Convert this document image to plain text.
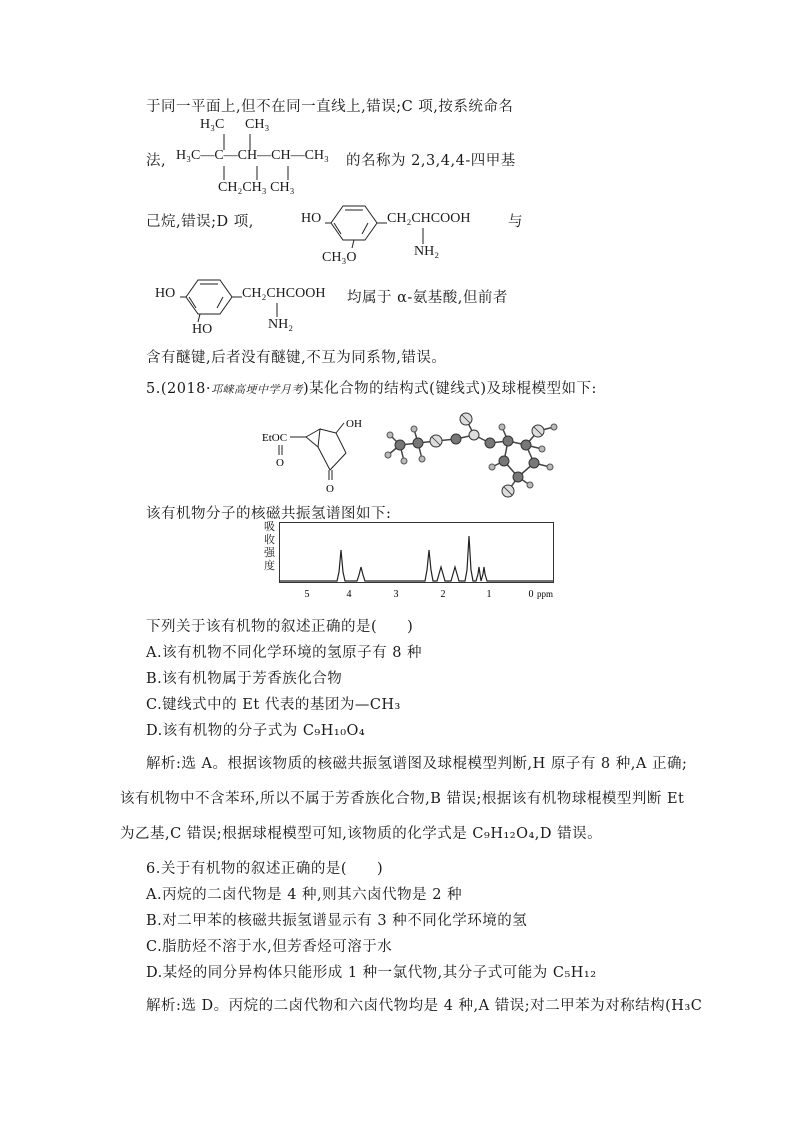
于同一平面上,但不在同一直线上,错误;C 项,按系统命名
H₃C CH₃
法, H₃C—C—CH—CH—CH₃
CH₂CH₃ CH₃
的名称为 2,3,4,4-四甲基
己烷,错误;D 项,	HO	CH₂CHCOOH
NH₂
CH₃O
与
HO	CH₂CHCOOH
NH₂
HO
均属于 α-氨基酸,但前者
含有醚键,后者没有醚键,不互为同系物,错误。
5.(2018·邛崃高埂中学月考)某化合物的结构式(键线式)及球棍模型如下:
EtOC
O
OH
O
该有机物分子的核磁共振氢谱图如下:
吸收强度
5	4	3	2	1	0 ppm
下列关于该有机物的叙述正确的是(　　)
A.该有机物不同化学环境的氢原子有 8 种
B.该有机物属于芳香族化合物
C.键线式中的 Et 代表的基团为—CH₃
D.该有机物的分子式为 C₉H₁₀O₄
解析:选 A。根据该物质的核磁共振氢谱图及球棍模型判断,H 原子有 8 种,A 正确;
该有机物中不含苯环,所以不属于芳香族化合物,B 错误;根据该有机物球棍模型判断 Et
为乙基,C 错误;根据球棍模型可知,该物质的化学式是 C₉H₁₂O₄,D 错误。
6.关于有机物的叙述正确的是(　　)
A.丙烷的二卤代物是 4 种,则其六卤代物是 2 种
B.对二甲苯的核磁共振氢谱显示有 3 种不同化学环境的氢
C.脂肪烃不溶于水,但芳香烃可溶于水
D.某烃的同分异构体只能形成 1 种一氯代物,其分子式可能为 C₅H₁₂
解析:选 D。丙烷的二卤代物和六卤代物均是 4 种,A 错误;对二甲苯为对称结构(H₃C
